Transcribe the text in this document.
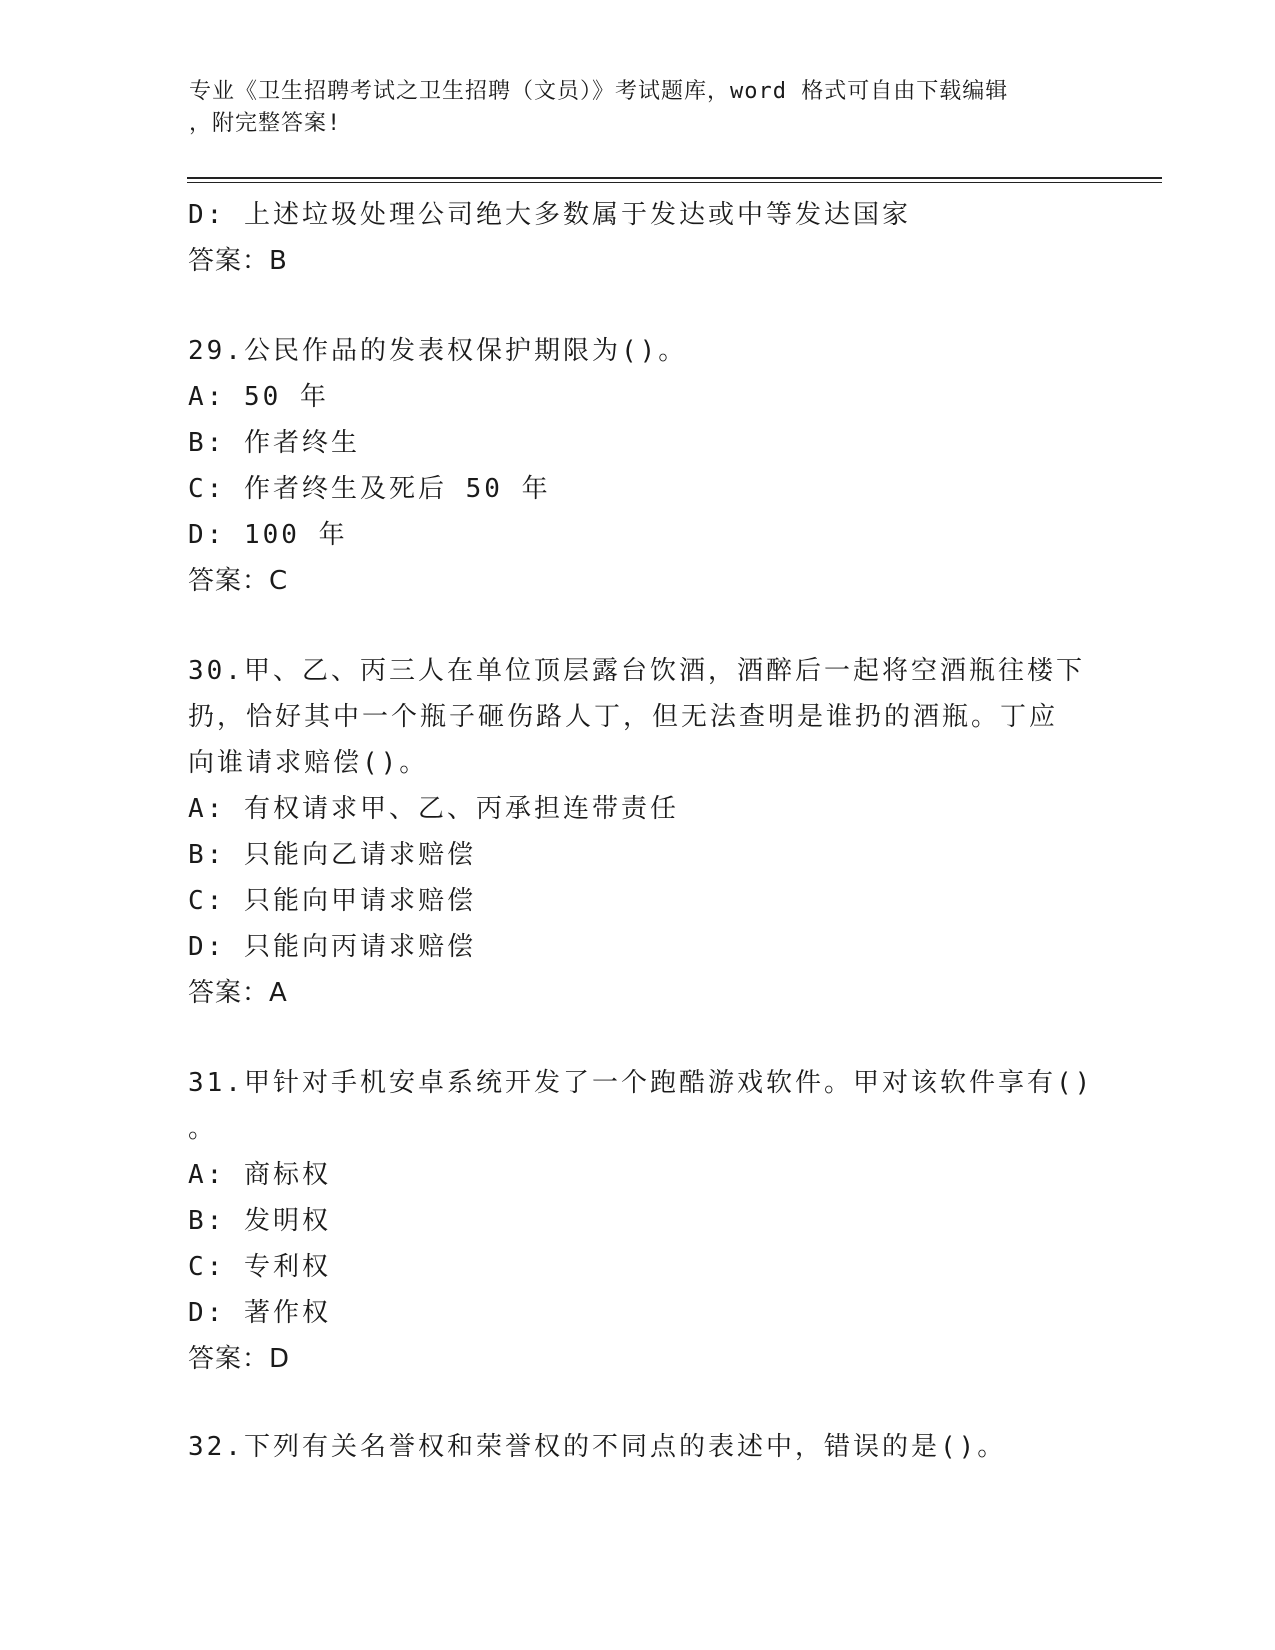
专业《卫生招聘考试之卫生招聘（文员）》考试题库，word 格式可自由下载编辑
，附完整答案!
D: 上述垃圾处理公司绝大多数属于发达或中等发达国家
答案：B
29.公民作品的发表权保护期限为()。
A: 50 年
B: 作者终生
C: 作者终生及死后 50 年
D: 100 年
答案：C
30.甲、乙、丙三人在单位顶层露台饮酒，酒醉后一起将空酒瓶往楼下
扔，恰好其中一个瓶子砸伤路人丁，但无法查明是谁扔的酒瓶。丁应
向谁请求赔偿()。
A: 有权请求甲、乙、丙承担连带责任
B: 只能向乙请求赔偿
C: 只能向甲请求赔偿
D: 只能向丙请求赔偿
答案：A
31.甲针对手机安卓系统开发了一个跑酷游戏软件。甲对该软件享有()
。
A: 商标权
B: 发明权
C: 专利权
D: 著作权
答案：D
32.下列有关名誉权和荣誉权的不同点的表述中，错误的是()。
